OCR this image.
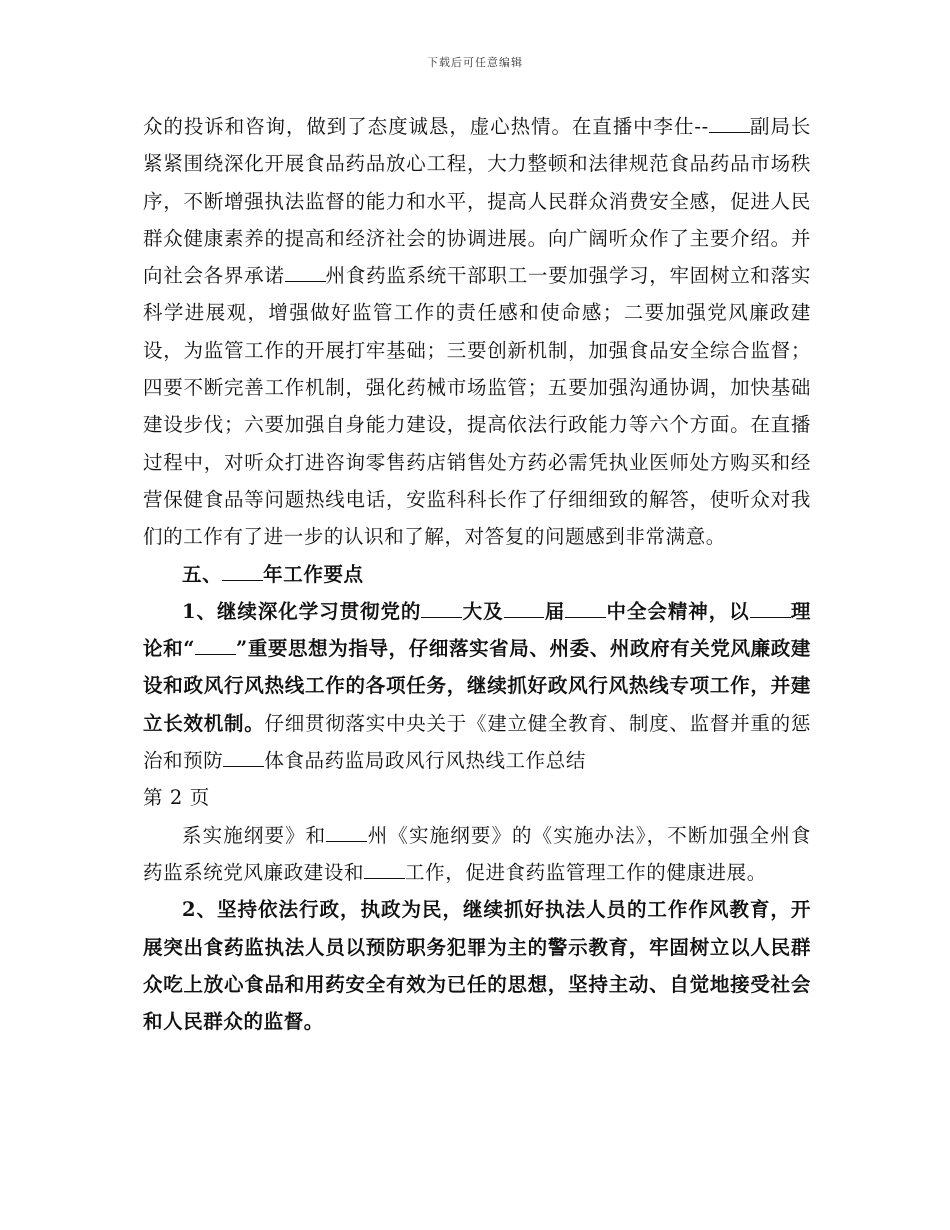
下载后可任意编辑

众的投诉和咨询，做到了态度诚恳，虚心热情。在直播中李仕-- 副局长紧紧围绕深化开展食品药品放心工程，大力整顿和法律规范食品药品市场秩序，不断增强执法监督的能力和水平，提高人民群众消费安全感，促进人民群众健康素养的提高和经济社会的协调进展。向广阔听众作了主要介绍。并向社会各界承诺 州食药监系统干部职工一要加强学习，牢固树立和落实科学进展观，增强做好监管工作的责任感和使命感；二要加强党风廉政建设，为监管工作的开展打牢基础；三要创新机制，加强食品安全综合监督；四要不断完善工作机制，强化药械市场监管；五要加强沟通协调，加快基础建设步伐；六要加强自身能力建设，提高依法行政能力等六个方面。在直播过程中，对听众打进咨询零售药店销售处方药必需凭执业医师处方购买和经营保健食品等问题热线电话，安监科科长作了仔细细致的解答，使听众对我们的工作有了进一步的认识和了解，对答复的问题感到非常满意。

五、 年工作要点

1、继续深化学习贯彻党的 大及 届 中全会精神，以 理论和“ ”重要思想为指导，仔细落实省局、州委、州政府有关党风廉政建设和政风行风热线工作的各项任务，继续抓好政风行风热线专项工作，并建立长效机制。仔细贯彻落实中央关于《建立健全教育、制度、监督并重的惩治和预防 体食品药监局政风行风热线工作总结

第 2 页

系实施纲要》和 州《实施纲要》的《实施办法》，不断加强全州食药监系统党风廉政建设和 工作，促进食药监管理工作的健康进展。

2、坚持依法行政，执政为民，继续抓好执法人员的工作作风教育，开展突出食药监执法人员以预防职务犯罪为主的警示教育，牢固树立以人民群众吃上放心食品和用药安全有效为已任的思想，坚持主动、自觉地接受社会和人民群众的监督。
